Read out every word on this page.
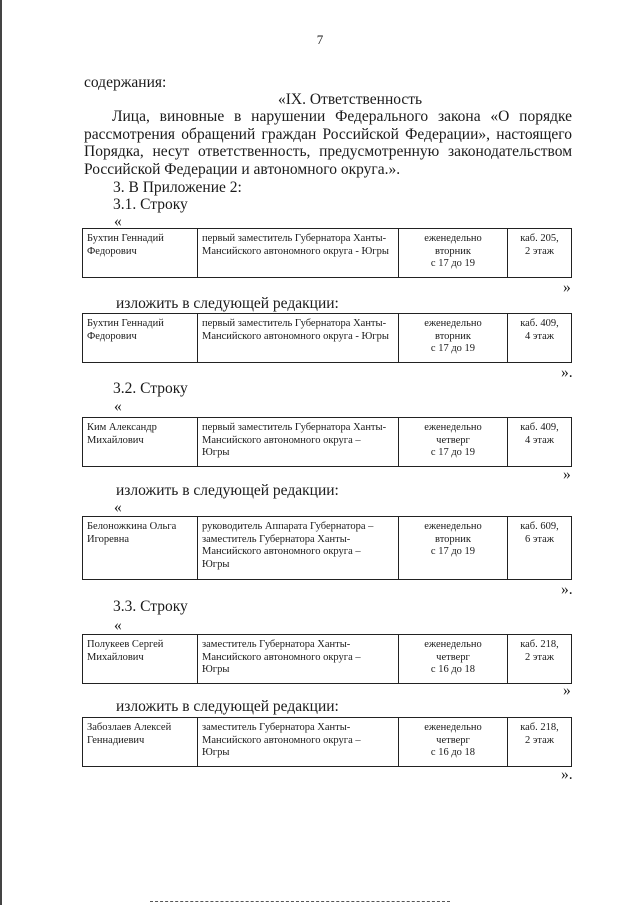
7
содержания:
«IX. Ответственность
Лица, виновные в нарушении Федерального закона «О порядке рассмотрения обращений граждан Российской Федерации», настоящего Порядка, несут ответственность, предусмотренную законодательством Российской Федерации и автономного округа.».
3. В Приложение 2:
3.1. Строку
«
Бухтин Геннадий
Федорович	первый заместитель Губернатора Ханты-
Мансийского автономного округа - Югры	еженедельно
вторник
с 17 до 19	каб. 205,
2 этаж
»
изложить в следующей редакции:
Бухтин Геннадий
Федорович	первый заместитель Губернатора Ханты-
Мансийского автономного округа - Югры	еженедельно
вторник
с 17 до 19	каб. 409,
4 этаж
».
3.2. Строку
«
Ким Александр
Михайлович	первый заместитель Губернатора Ханты-
Мансийского автономного округа –
Югры	еженедельно
четверг
с 17 до 19	каб. 409,
4 этаж
»
изложить в следующей редакции:
«
Белоножкина Ольга
Игоревна	руководитель Аппарата Губернатора –
заместитель Губернатора Ханты-
Мансийского автономного округа –
Югры	еженедельно
вторник
с 17 до 19	каб. 609,
6 этаж
».
3.3. Строку
«
Полукеев Сергей
Михайлович	заместитель Губернатора Ханты-
Мансийского автономного округа –
Югры	еженедельно
четверг
с 16 до 18	каб. 218,
2 этаж
»
изложить в следующей редакции:
Забозлаев Алексей
Геннадиевич	заместитель Губернатора Ханты-
Мансийского автономного округа –
Югры	еженедельно
четверг
с 16 до 18	каб. 218,
2 этаж
».
